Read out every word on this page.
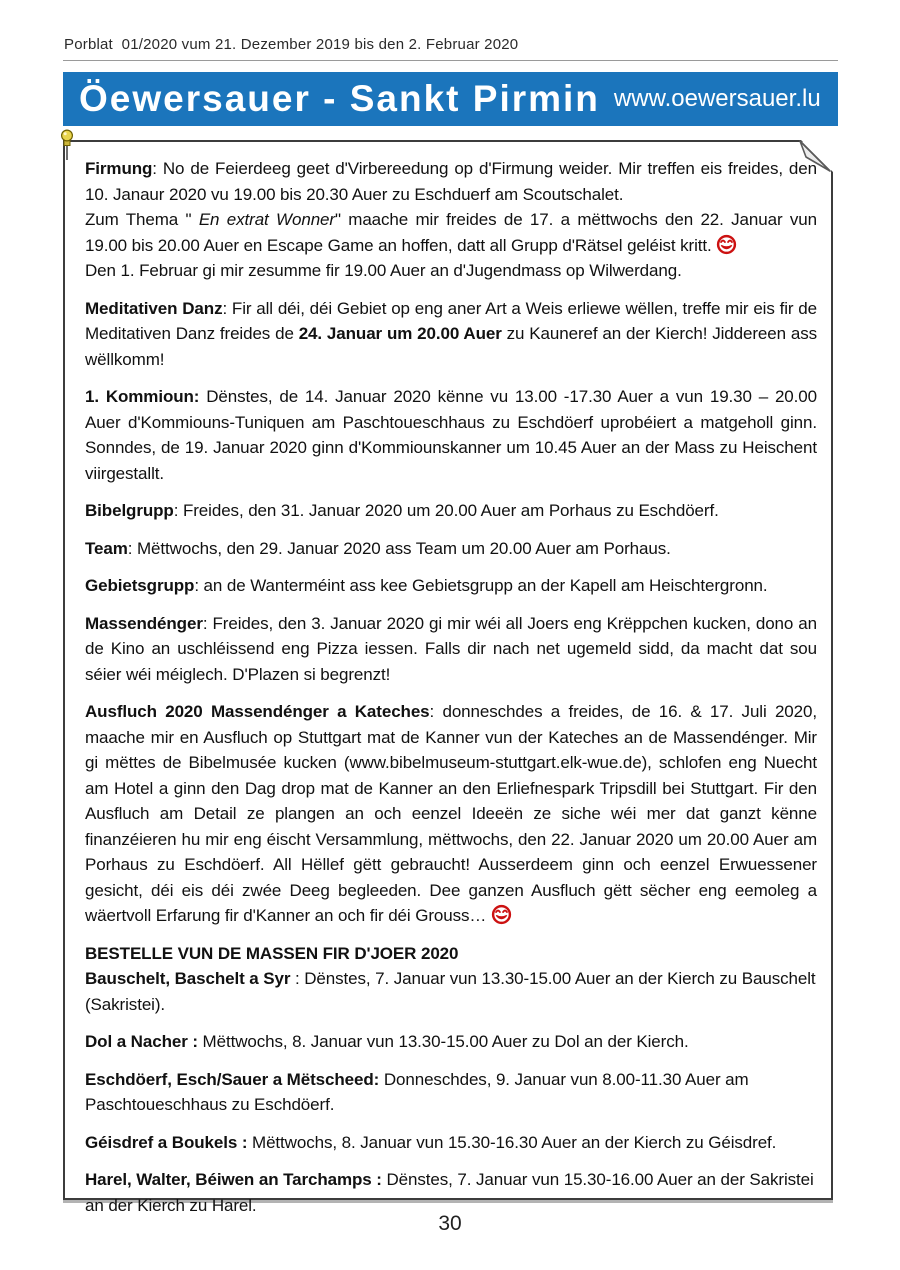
Porblat  01/2020 vum 21. Dezember 2019 bis den 2. Februar 2020
Öewersauer - Sankt Pirmin www.oewersauer.lu

Firmung: No de Feierdeeg geet d'Virbereedung op d'Firmung weider. Mir treffen eis freides, den 10. Janaur 2020 vu 19.00 bis 20.30 Auer zu Eschduerf am Scoutschalet.
Zum Thema " En extrat Wonner" maache mir freides de 17. a mëttwochs den 22. Januar vun 19.00 bis 20.00 Auer en Escape Game an hoffen, datt all Grupp d'Rätsel geléist kritt.
Den 1. Februar gi mir zesumme fir 19.00 Auer an d'Jugendmass op Wilwerdang.

Meditativen Danz: Fir all déi, déi Gebiet op eng aner Art a Weis erliewe wëllen, treffe mir eis fir de Meditativen Danz freides de 24. Januar um 20.00 Auer zu Kauneref an der Kierch! Jiddereen ass wëllkomm!

1. Kommioun: Dënstes, de 14. Januar 2020 kënne vu 13.00 -17.30 Auer a vun 19.30 – 20.00 Auer d'Kommiouns-Tuniquen am Paschtoueschhaus zu Eschdöerf uprobéiert a matgeholl ginn. Sonndes, de 19. Januar 2020 ginn d'Kommiounskanner um 10.45 Auer an der Mass zu Heischent viirgestallt.

Bibelgrupp: Freides, den 31. Januar 2020 um 20.00 Auer am Porhaus zu Eschdöerf.

Team: Mëttwochs, den 29. Januar 2020 ass Team um 20.00 Auer am Porhaus.

Gebietsgrupp: an de Wanterméint ass kee Gebietsgrupp an der Kapell am Heischtergronn.

Massendénger: Freides, den 3. Januar 2020 gi mir wéi all Joers eng Krëppchen kucken, dono an de Kino an uschléissend eng Pizza iessen. Falls dir nach net ugemeld sidd, da macht dat sou séier wéi méiglech. D'Plazen si begrenzt!

Ausfluch 2020 Massendénger a Kateches: donneschdes a freides, de 16. & 17. Juli 2020, maache mir en Ausfluch op Stuttgart mat de Kanner vun der Kateches an de Massendénger. Mir gi mëttes de Bibelmusée kucken (www.bibelmuseum-stuttgart.elk-wue.de), schlofen eng Nuecht am Hotel a ginn den Dag drop mat de Kanner an den Erliefnespark Tripsdill bei Stuttgart. Fir den Ausfluch am Detail ze plangen an och eenzel Ideeën ze siche wéi mer dat ganzt kënne finanzéieren hu mir eng éischt Versammlung, mëttwochs, den 22. Januar 2020 um 20.00 Auer am Porhaus zu Eschdöerf. All Hëllef gëtt gebraucht! Ausserdeem ginn och eenzel Erwuessener gesicht, déi eis déi zwée Deeg begleeden. Dee ganzen Ausfluch gëtt sëcher eng eemoleg a wäertvoll Erfarung fir d'Kanner an och fir déi Grouss…

BESTELLE VUN DE MASSEN FIR D'JOER 2020
Bauschelt, Baschelt a Syr : Dënstes, 7. Januar vun 13.30-15.00 Auer an der Kierch zu Bauschelt (Sakristei).

Dol a Nacher : Mëttwochs, 8. Januar vun 13.30-15.00 Auer zu Dol an der Kierch.

Eschdöerf, Esch/Sauer a Mëtscheed: Donneschdes, 9. Januar vun 8.00-11.30 Auer am Paschtoueschhaus zu Eschdöerf.

Géisdref a Boukels : Mëttwochs, 8. Januar vun 15.30-16.30 Auer an der Kierch zu Géisdref.

Harel, Walter, Béiwen an Tarchamps : Dënstes, 7. Januar vun 15.30-16.00 Auer an der Sakristei an der Kierch zu Harel.

30
